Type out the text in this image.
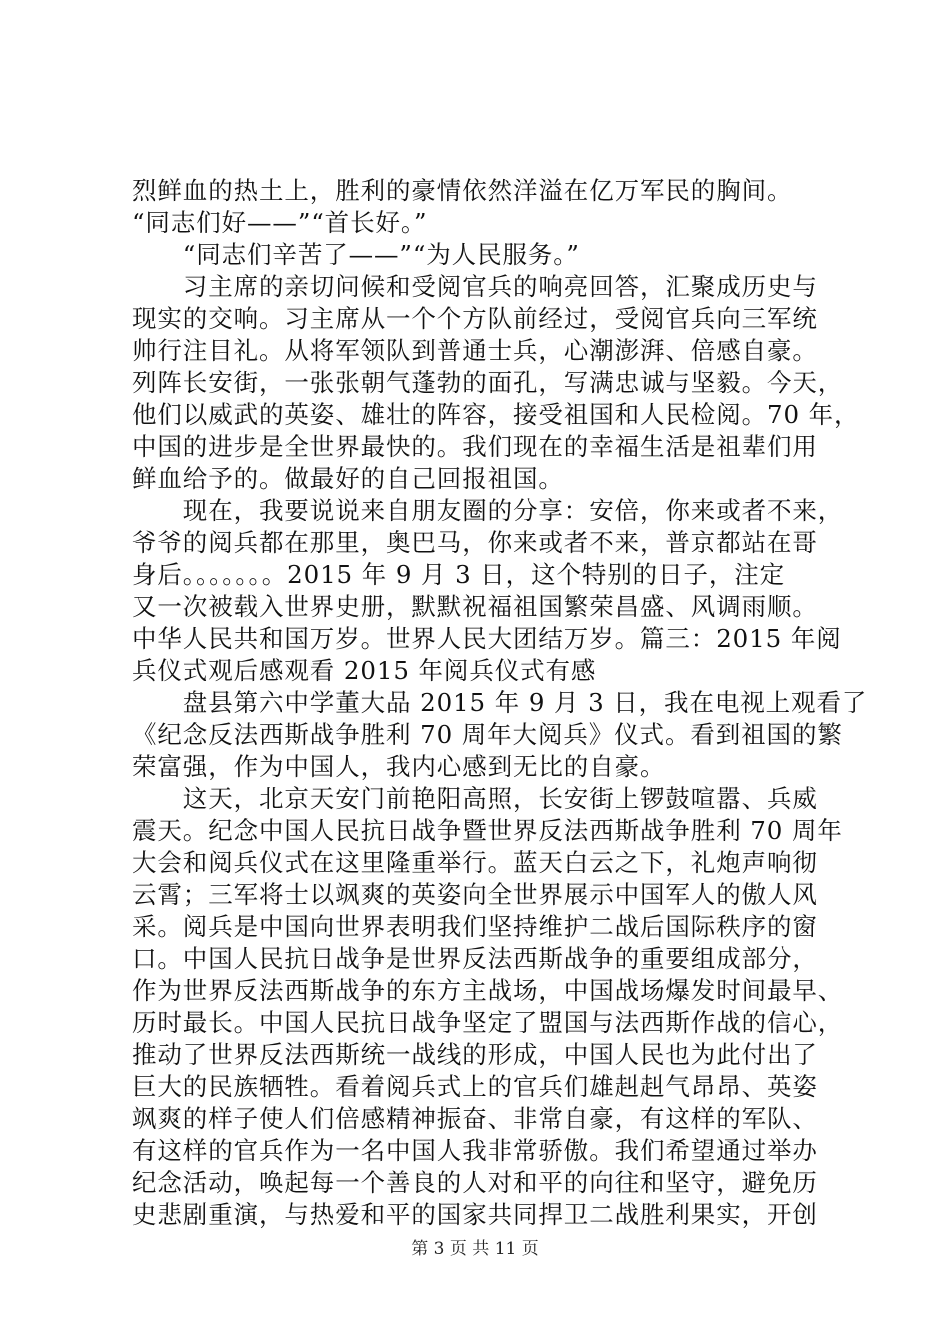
烈鲜血的热土上，胜利的豪情依然洋溢在亿万军民的胸间。
“同志们好——”“首长好。”
　　“同志们辛苦了——”“为人民服务。”
　　习主席的亲切问候和受阅官兵的响亮回答，汇聚成历史与
现实的交响。习主席从一个个方队前经过，受阅官兵向三军统
帅行注目礼。从将军领队到普通士兵，心潮澎湃、倍感自豪。
列阵长安街，一张张朝气蓬勃的面孔，写满忠诚与坚毅。今天，
他们以威武的英姿、雄壮的阵容，接受祖国和人民检阅。70 年，
中国的进步是全世界最快的。我们现在的幸福生活是祖辈们用
鲜血给予的。做最好的自己回报祖国。
　　现在，我要说说来自朋友圈的分享：安倍，你来或者不来，
爷爷的阅兵都在那里，奥巴马，你来或者不来，普京都站在哥
身后。。。。。。。2015 年 9 月 3 日，这个特别的日子，注定
又一次被载入世界史册，默默祝福祖国繁荣昌盛、风调雨顺。
中华人民共和国万岁。世界人民大团结万岁。篇三：2015 年阅
兵仪式观后感观看 2015 年阅兵仪式有感
　　盘县第六中学董大品 2015 年 9 月 3 日，我在电视上观看了
《纪念反法西斯战争胜利 70 周年大阅兵》仪式。看到祖国的繁
荣富强，作为中国人，我内心感到无比的自豪。
　　这天，北京天安门前艳阳高照，长安街上锣鼓喧嚣、兵威
震天。纪念中国人民抗日战争暨世界反法西斯战争胜利 70 周年
大会和阅兵仪式在这里隆重举行。蓝天白云之下，礼炮声响彻
云霄；三军将士以飒爽的英姿向全世界展示中国军人的傲人风
采。阅兵是中国向世界表明我们坚持维护二战后国际秩序的窗
口。中国人民抗日战争是世界反法西斯战争的重要组成部分，
作为世界反法西斯战争的东方主战场，中国战场爆发时间最早、
历时最长。中国人民抗日战争坚定了盟国与法西斯作战的信心，
推动了世界反法西斯统一战线的形成，中国人民也为此付出了
巨大的民族牺牲。看着阅兵式上的官兵们雄赳赳气昂昂、英姿
飒爽的样子使人们倍感精神振奋、非常自豪，有这样的军队、
有这样的官兵作为一名中国人我非常骄傲。我们希望通过举办
纪念活动，唤起每一个善良的人对和平的向往和坚守，避免历
史悲剧重演，与热爱和平的国家共同捍卫二战胜利果实，开创
第 3 页 共 11 页
